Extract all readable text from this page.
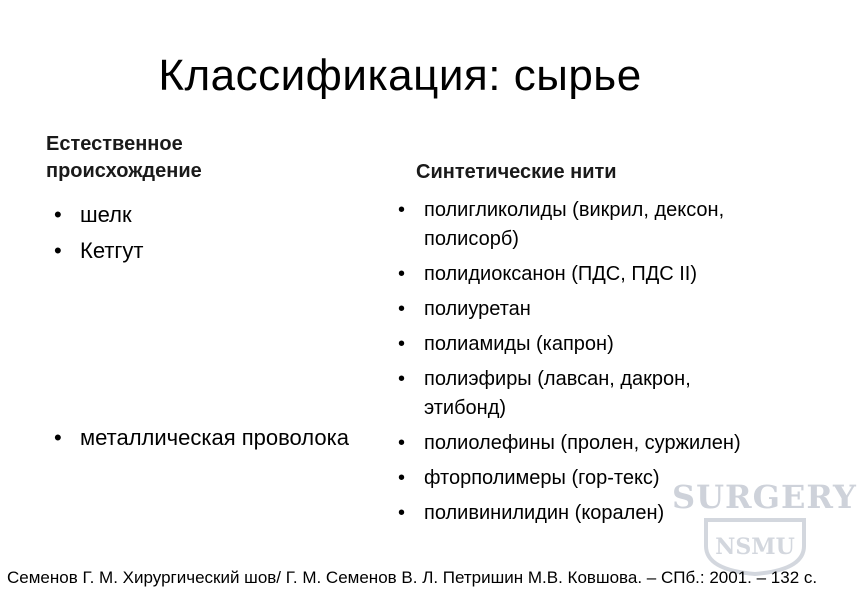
Классификация: сырье
Естественное
происхождение
• шелк
• Кетгут
• металлическая проволока
Синтетические нити
• полигликолиды (викрил, дексон, полисорб)
• полидиоксанон (ПДС, ПДС II)
• полиуретан
• полиамиды (капрон)
• полиэфиры (лавсан, дакрон, этибонд)
• полиолефины (пролен, суржилен)
• фторполимеры (гор-текс)
• поливинилидин (корален) SURGERY
NSMU
Семенов Г. М. Хирургический шов/ Г. М. Семенов В. Л. Петришин М.В. Ковшова. – СПб.: 2001. – 132 с.
